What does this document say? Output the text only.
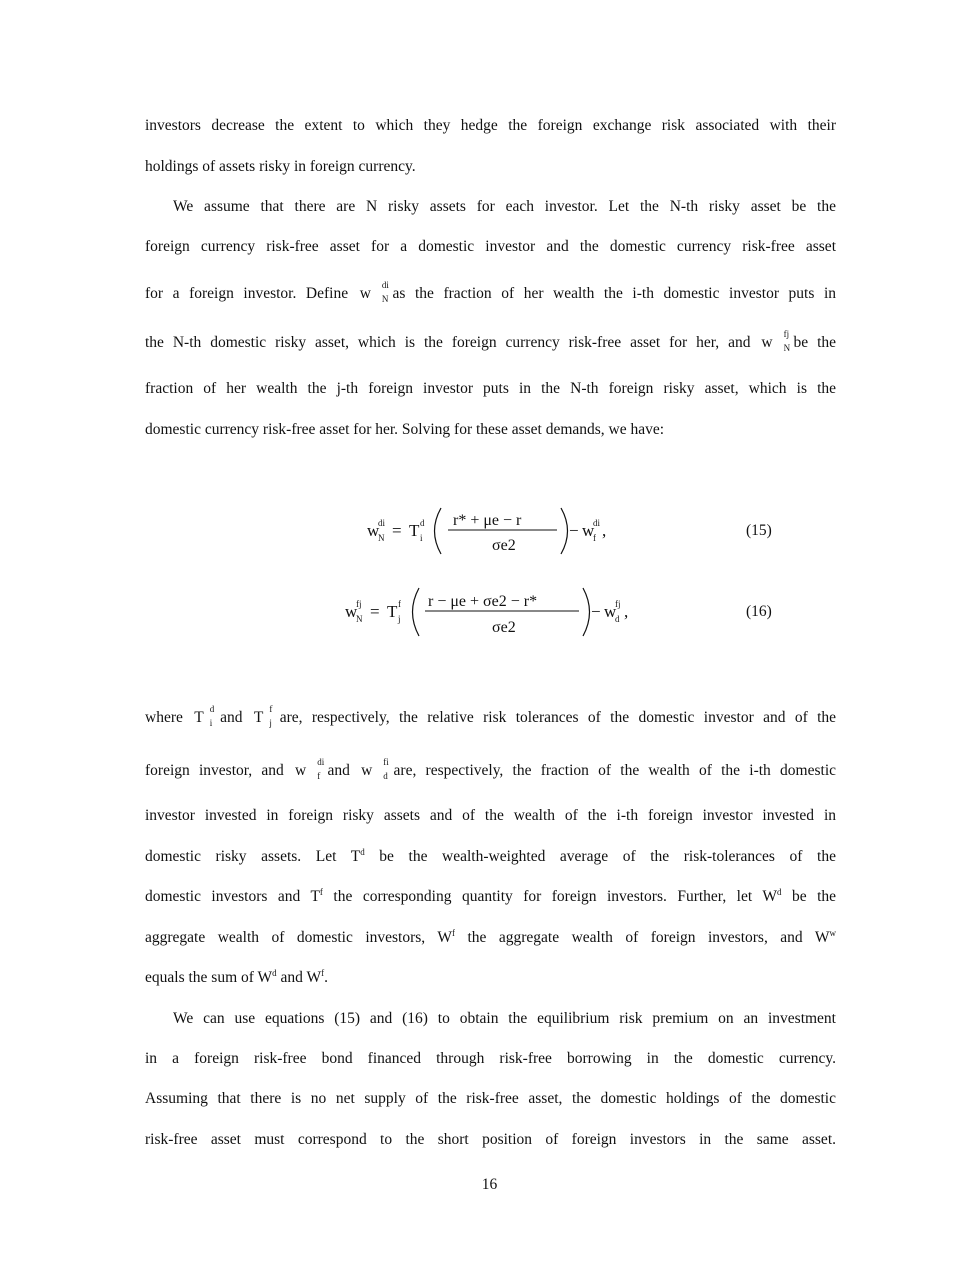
investors decrease the extent to which they hedge the foreign exchange risk associated with their
holdings of assets risky in foreign currency.
We assume that there are N risky assets for each investor. Let the N-th risky asset be the
foreign currency risk-free asset for a domestic investor and the domestic currency risk-free asset
for a foreign investor. Define w di
N as the fraction of her wealth the i-th domestic investor puts in
the N-th domestic risky asset, which is the foreign currency risk-free asset for her, and w fj
N be the
fraction of her wealth the j-th foreign investor puts in the N-th foreign risky asset, which is the
domestic currency risk-free asset for her. Solving for these asset demands, we have:
w
di
N = T d
i
r* + μe − r
σe2
− w
di
f ,	(15)
w
fj
N = T f
j
r − μe + σe2 − r*
σe2
− w
fj
d ,	(16)
where T d
i and T f
j are, respectively, the relative risk tolerances of the domestic investor and of the
foreign investor, and w di
f and w fi
d are, respectively, the fraction of the wealth of the i-th domestic
investor invested in foreign risky assets and of the wealth of the i-th foreign investor invested in
domestic risky assets. Let $T^d$ be the wealth-weighted average of the risk-tolerances of the
domestic investors and $T^f$ the corresponding quantity for foreign investors. Further, let $W^d$ be the
aggregate wealth of domestic investors, $W^f$ the aggregate wealth of foreign investors, and $W^w$
equals the sum of $W^d$ and $W^f$.
We can use equations (15) and (16) to obtain the equilibrium risk premium on an investment
in a foreign risk-free bond financed through risk-free borrowing in the domestic currency.
Assuming that there is no net supply of the risk-free asset, the domestic holdings of the domestic
risk-free asset must correspond to the short position of foreign investors in the same asset.
16
